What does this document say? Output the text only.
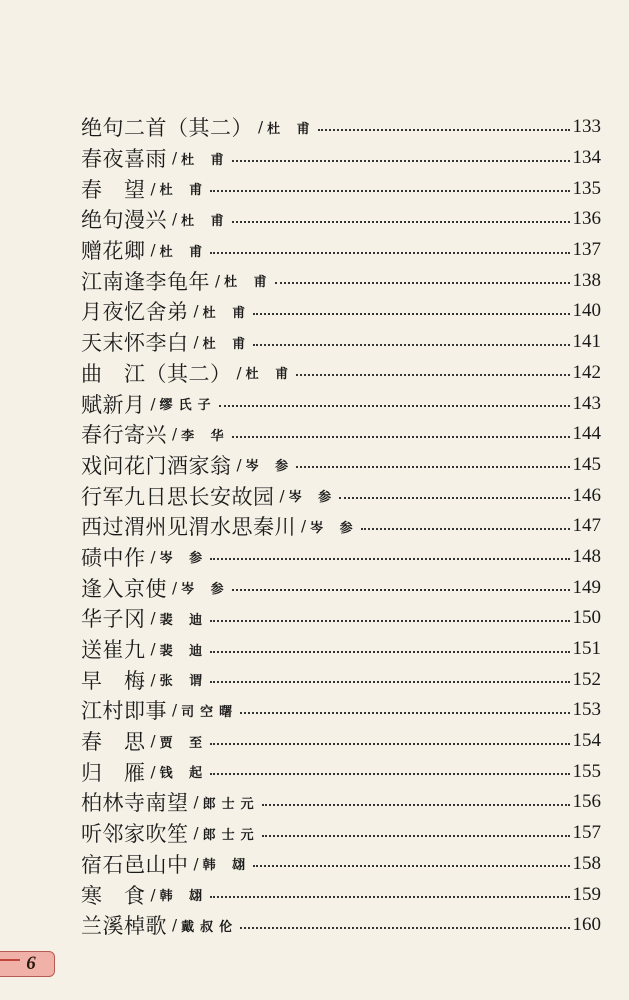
绝句二首（其二） / 杜 甫	133
春夜喜雨 / 杜 甫	134
春　望 / 杜 甫	135
绝句漫兴 / 杜 甫	136
赠花卿 / 杜 甫	137
江南逢李龟年 / 杜 甫	138
月夜忆舍弟 / 杜 甫	140
天末怀李白 / 杜 甫	141
曲　江（其二） / 杜 甫	142
赋新月 / 缪氏子	143
春行寄兴 / 李 华	144
戏问花门酒家翁 / 岑 参	145
行军九日思长安故园 / 岑 参	146
西过渭州见渭水思秦川 / 岑 参	147
碛中作 / 岑 参	148
逢入京使 / 岑 参	149
华子冈 / 裴 迪	150
送崔九 / 裴 迪	151
早　梅 / 张 谓	152
江村即事 / 司空曙	153
春　思 / 贾 至	154
归　雁 / 钱 起	155
柏林寺南望 / 郎士元	156
听邻家吹笙 / 郎士元	157
宿石邑山中 / 韩 翃	158
寒　食 / 韩 翃	159
兰溪棹歌 / 戴叔伦	160
6
